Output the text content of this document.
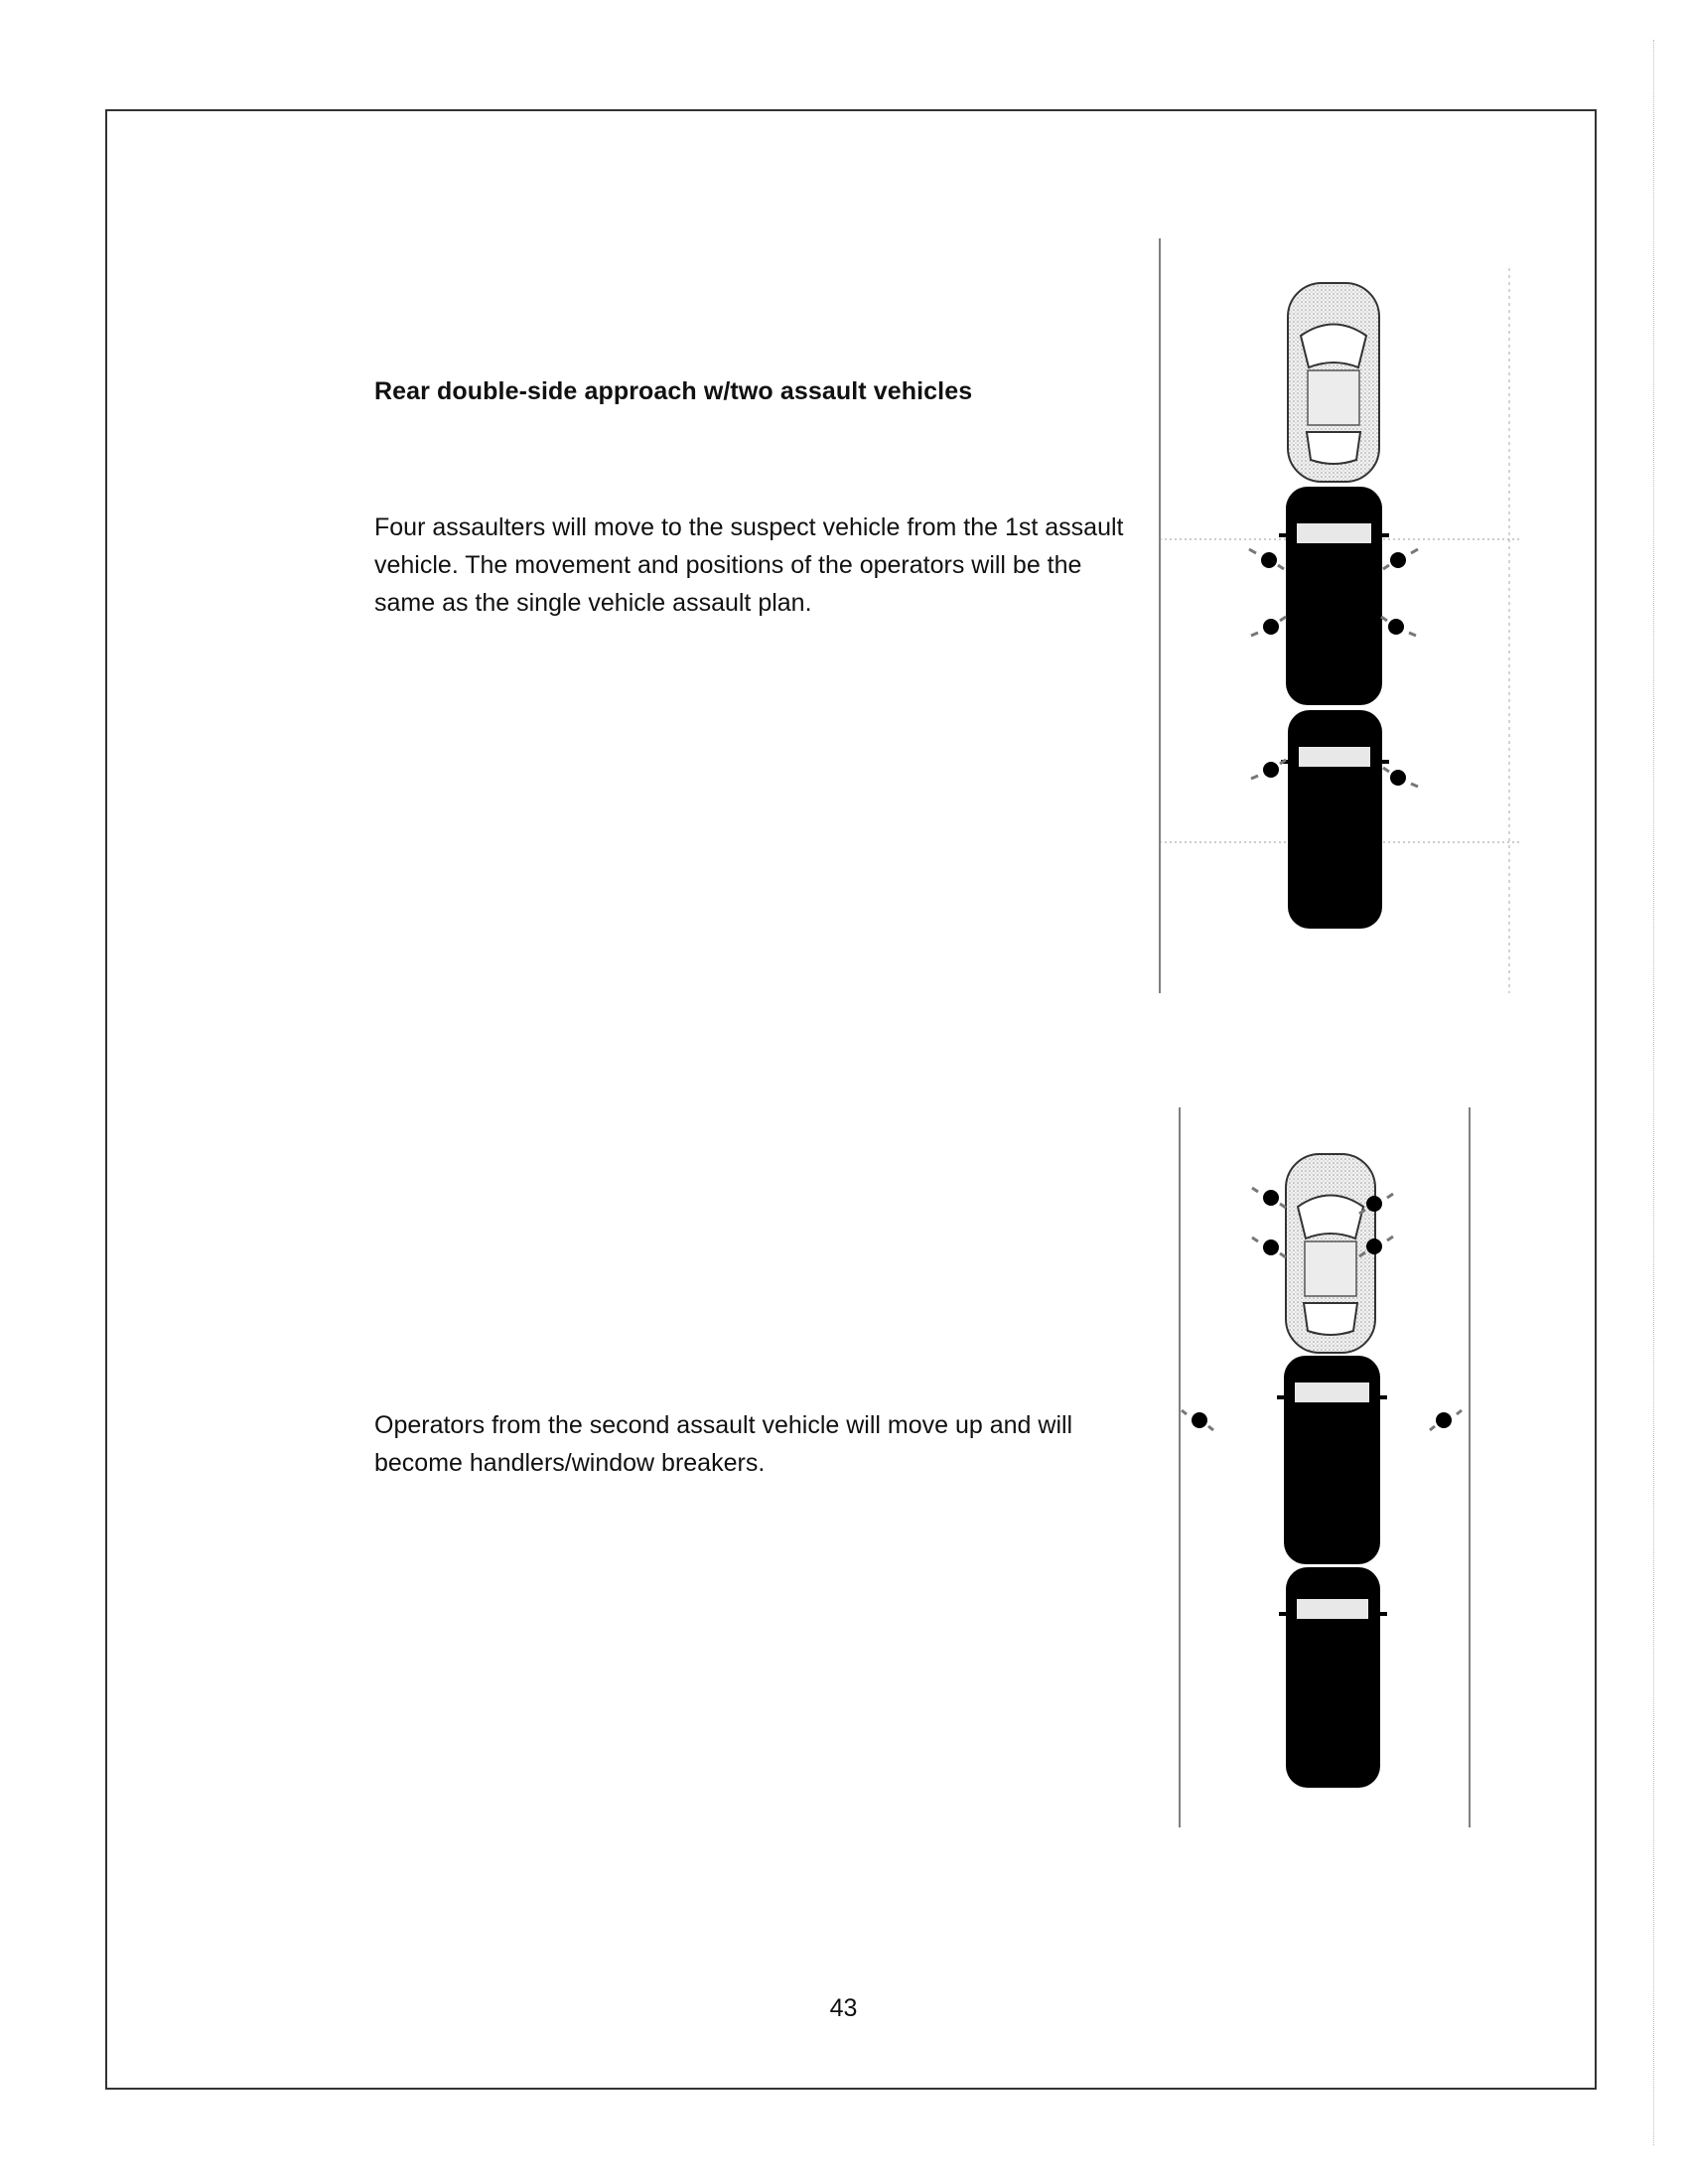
Rear double-side approach w/two assault vehicles
Four assaulters will move to the suspect vehicle from the 1st assault vehicle. The movement and positions of the operators will be the same as the single vehicle assault plan.
Operators from the second assault vehicle will move up and will become handlers/window breakers.
43
